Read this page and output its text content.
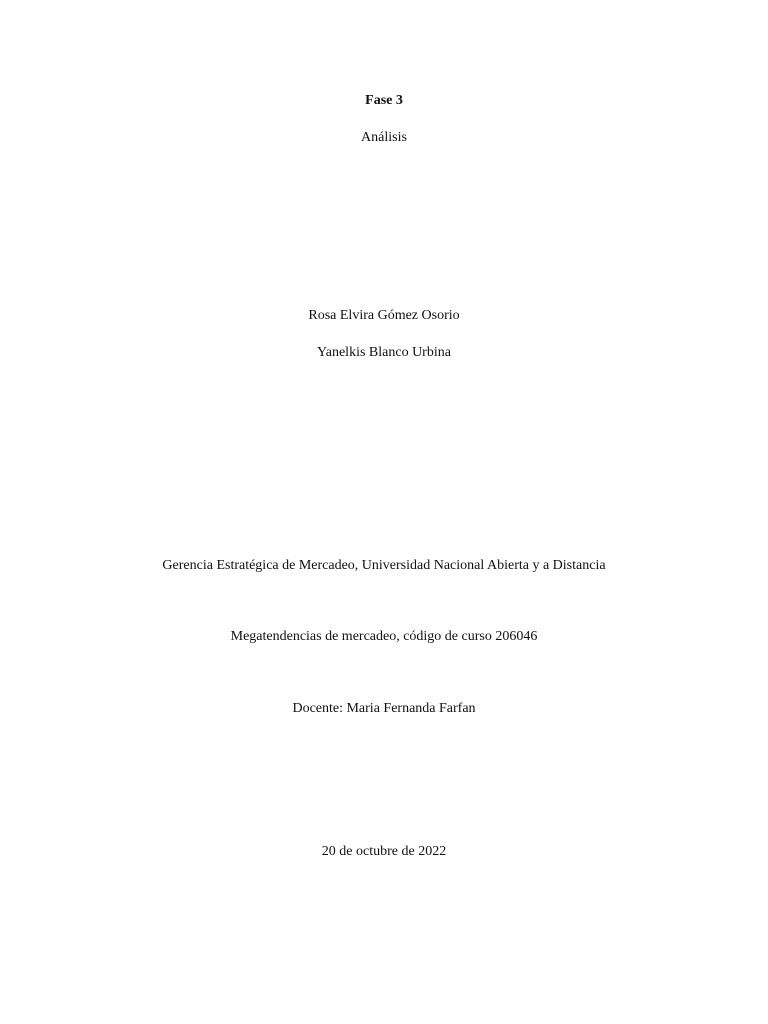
Fase 3
Análisis
Rosa Elvira Gómez Osorio
Yanelkis Blanco Urbina
Gerencia Estratégica de Mercadeo, Universidad Nacional Abierta y a Distancia
Megatendencias de mercadeo, código de curso 206046
Docente: Maria Fernanda Farfan
20 de octubre de 2022
